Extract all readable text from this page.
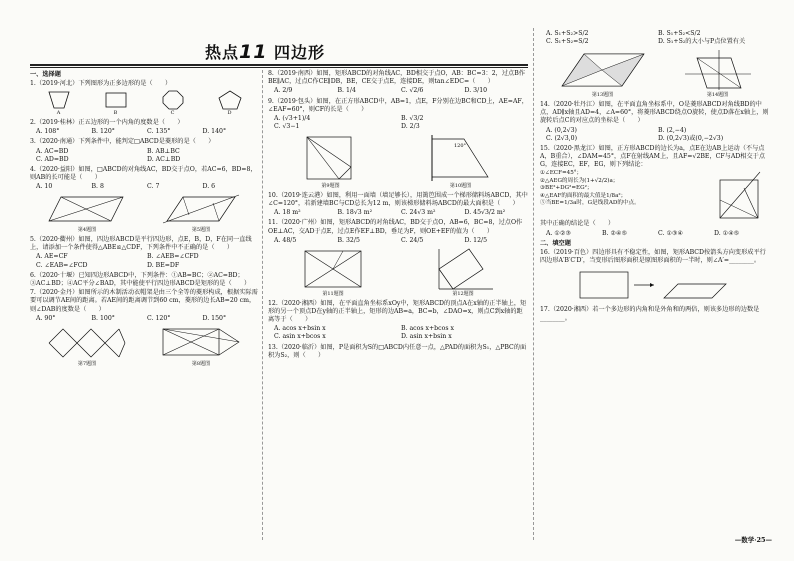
热点11 四边形
一、选择题
1.（2019·河北）下列图形为正多边形的是（　　）
A	B	C	D
2.（2019·桂林）正五边形的一个内角的度数是（　　）
A. 108°	B. 120°	C. 135°	D. 140°
3.（2020·南通）下列条件中，能判定□ABCD是菱形的是（　　）
A. AC=BD	B. AB⊥BC
C. AD=BD	D. AC⊥BD
4.（2020·益阳）如图，□ABCD的对角线AC，BD交于点O，若AC=6，BD=8，则AB的长可能是（　　）
A. 10	B. 8	C. 7	D. 6
第4题图	第5题图
5.（2020·衢州）如图，四边形ABCD是平行四边形，点E，B，D，F在同一直线上，请添加一个条件使得△ABE≌△CDF，下列条件中不正确的是（　　）
A. AE=CF	B. ∠AEB=∠CFD
C. ∠EAB=∠FCD	D. BE=DF
6.（2020·十堰）已知四边形ABCD中，下列条件：①AB=BC；②AC=BD；③AC⊥BD；④AC平分∠BAD，其中能使平行四边形ABCD是矩形的是（　　）
7.（2020·金丹）如图所示的木制活动衣帽架是由三个全等的菱形构成，根据实际需要可以调节AE间的距离。若AE间的距离调节到60 cm，菱形的边长AB=20 cm，则∠DAB的度数是（　　）
A. 90°	B. 100°	C. 120°	D. 150°
第7题图	第8题图
8.（2019·南西）如图，矩形ABCD的对角线AC，BD相交于点O，AB：BC=3：2，过点B作BE∥AC，过点C作CE∥DB，BE，CE交于点E，连接DE，则tan∠EDC=（　　）
A. 2/9	B. 1/4	C. √2/6	D. 3/10
9.（2019·包头）如图，在正方形ABCD中，AB=1，点E，F分别在边BC和CD上，AE=AF，∠EAF=60°，则CF的长是（　　）
A. (√3+1)/4	B. √3/2
C. √3−1	D. 2/3
第9题图
120°
第10题图
10.（2019·连云港）如图，利用一面墙（墙足够长），用篱笆围成一个梯形储料场ABCD，其中∠C=120°，若新建墙BC与CD总长为12 m，则该梯形储料场ABCD的最大面积是（　　）
A. 18 m²	B. 18√3 m²	C. 24√3 m²	D. 45√3/2 m²
11.（2020·广州）如图，矩形ABCD的对角线AC，BD交于点O，AB=6，BC=8，过点O作OE⊥AC，交AD于点E，过点E作EF⊥BD，垂足为F，则OE+EF的值为（　　）
A. 48/5	B. 32/5	C. 24/5	D. 12/5
第11题图	第12题图
12.（2020·湘西）如图，在平面直角坐标系xOy中，矩形ABCD的顶点A在x轴的正半轴上，矩形的另一个顶点D在y轴的正半轴上，矩形的边AB=a，BC=b，∠DAO=x，则点C到x轴的距离等于（　　）
A. acos x+bsin x	B. acos x+bcos x
C. asin x+bcos x	D. asin x+bsin x
13.（2020·临沂）如图，P是面积为S的□ABCD内任意一点，△PAD的面积为S₁，△PBC的面积为S₂，则（　　）
A. S₁+S₂>S/2	B. S₁+S₂<S/2
C. S₁+S₂=S/2	D. S₁+S₂的大小与P点位置有关
第13题图	第14题图
14.（2020·牡丹江）如图，在平面直角坐标系中，O是菱形ABCD对角线BD的中点，AD∥x轴且AD=4，∠A=60°，将菱形ABCD绕点O旋转，使点D落在x轴上，则旋转后点C的对应点的坐标是（　　）
A. (0,2√3)	B. (2,−4)
C. (2√3,0)	D. (0,2√3)或(0,−2√3)
15.（2020·黑龙江）如图，正方形ABCD的边长为a，点E在边AB上运动（不与点A，B重合），∠DAM=45°，点F在射线AM上，且AF=√2BE，CF与AD相交于点G，连接EC，EF，EG，则下列结论：
①∠ECF=45°；
②△AEG的周长为(1+√2/2)a；
③BE²+DG²=EG²；
④△EAF的面积的最大值是1/8a²；
⑤当BE=1/3a时，G是线段AD的中点。
其中正确的结论是（　　）
A. ①②③	B. ②④⑤	C. ①③④	D. ①④⑤
二、填空题
16.（2019·百色）四边形具有不稳定性，如图，矩形ABCD按箭头方向变形成平行四边形A′B′C′D′，当变形后图形面积是原图形面积的一半时，则∠A′=________。
17.（2020·湘西）若一个多边形的内角和是外角和的两倍，则该多边形的边数是________。
—数学·25—
